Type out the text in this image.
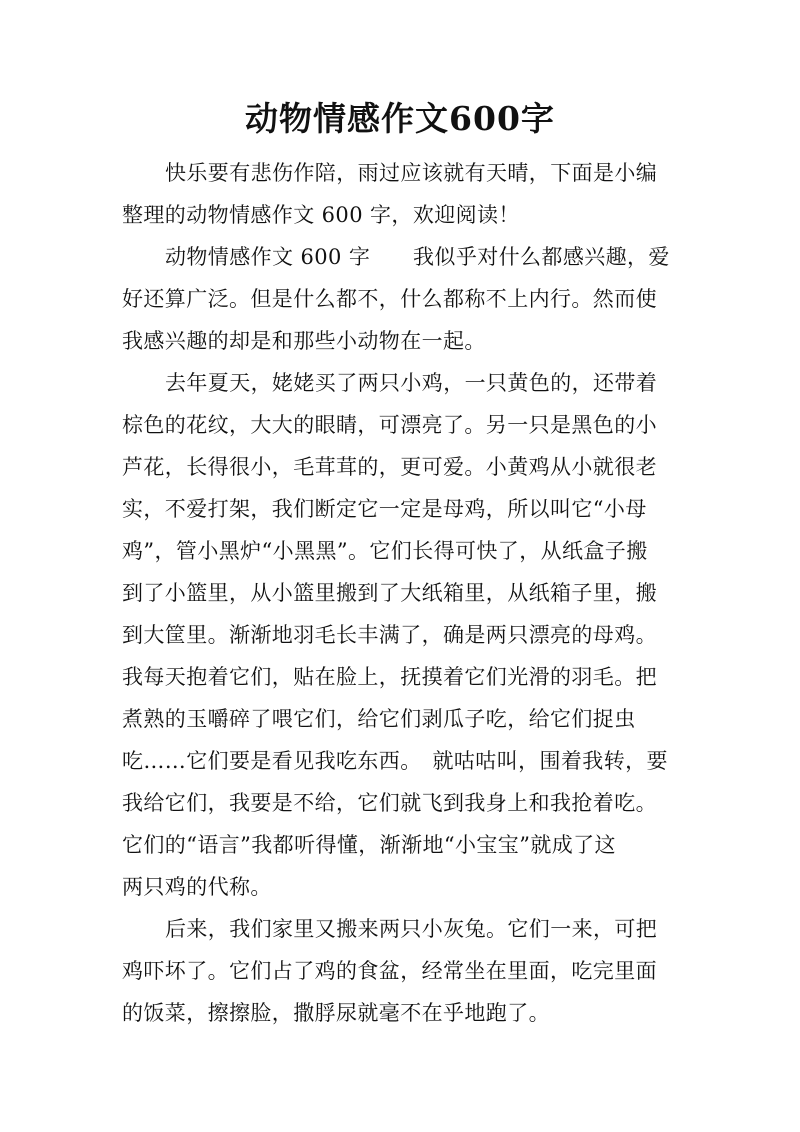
动物情感作文600字
快乐要有悲伤作陪，雨过应该就有天晴，下面是小编
整理的动物情感作文 600 字，欢迎阅读！
动物情感作文 600 字　　我似乎对什么都感兴趣，爱
好还算广泛。但是什么都不，什么都称不上内行。然而使
我感兴趣的却是和那些小动物在一起。
去年夏天，姥姥买了两只小鸡，一只黄色的，还带着
棕色的花纹，大大的眼睛，可漂亮了。另一只是黑色的小
芦花，长得很小，毛茸茸的，更可爱。小黄鸡从小就很老
实，不爱打架，我们断定它一定是母鸡，所以叫它“小母
鸡”，管小黑炉“小黑黑”。它们长得可快了，从纸盒子搬
到了小篮里，从小篮里搬到了大纸箱里，从纸箱子里，搬
到大筐里。渐渐地羽毛长丰满了，确是两只漂亮的母鸡。
我每天抱着它们，贴在脸上，抚摸着它们光滑的羽毛。把
煮熟的玉嚼碎了喂它们，给它们剥瓜子吃，给它们捉虫
吃……它们要是看见我吃东西。　就咕咕叫，围着我转，要
我给它们，我要是不给，它们就飞到我身上和我抢着吃。
它们的“语言”我都听得懂，渐渐地“小宝宝”就成了这
两只鸡的代称。
后来，我们家里又搬来两只小灰兔。它们一来，可把
鸡吓坏了。它们占了鸡的食盆，经常坐在里面，吃完里面
的饭菜，擦擦脸，撒脬尿就毫不在乎地跑了。
